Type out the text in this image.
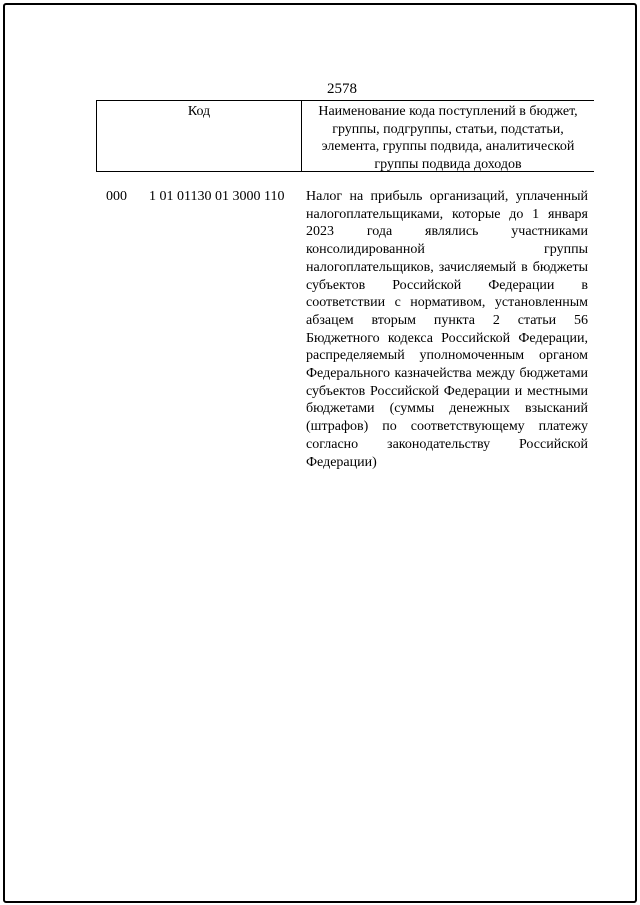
2578
Код	Наименование кода поступлений в бюджет, группы, подгруппы, статьи, подстатьи, элемента, группы подвида, аналитической группы подвида доходов
000 1 01 01130 01 3000 110 Налог на прибыль организаций, уплаченный налогоплательщиками, которые до 1 января 2023 года являлись участниками консолидированной группы налогоплательщиков, зачисляемый в бюджеты субъектов Российской Федерации в соответствии с нормативом, установленным абзацем вторым пункта 2 статьи 56 Бюджетного кодекса Российской Федерации, распределяемый уполномоченным органом Федерального казначейства между бюджетами субъектов Российской Федерации и местными бюджетами (суммы денежных взысканий (штрафов) по соответствующему платежу согласно законодательству Российской Федерации)
